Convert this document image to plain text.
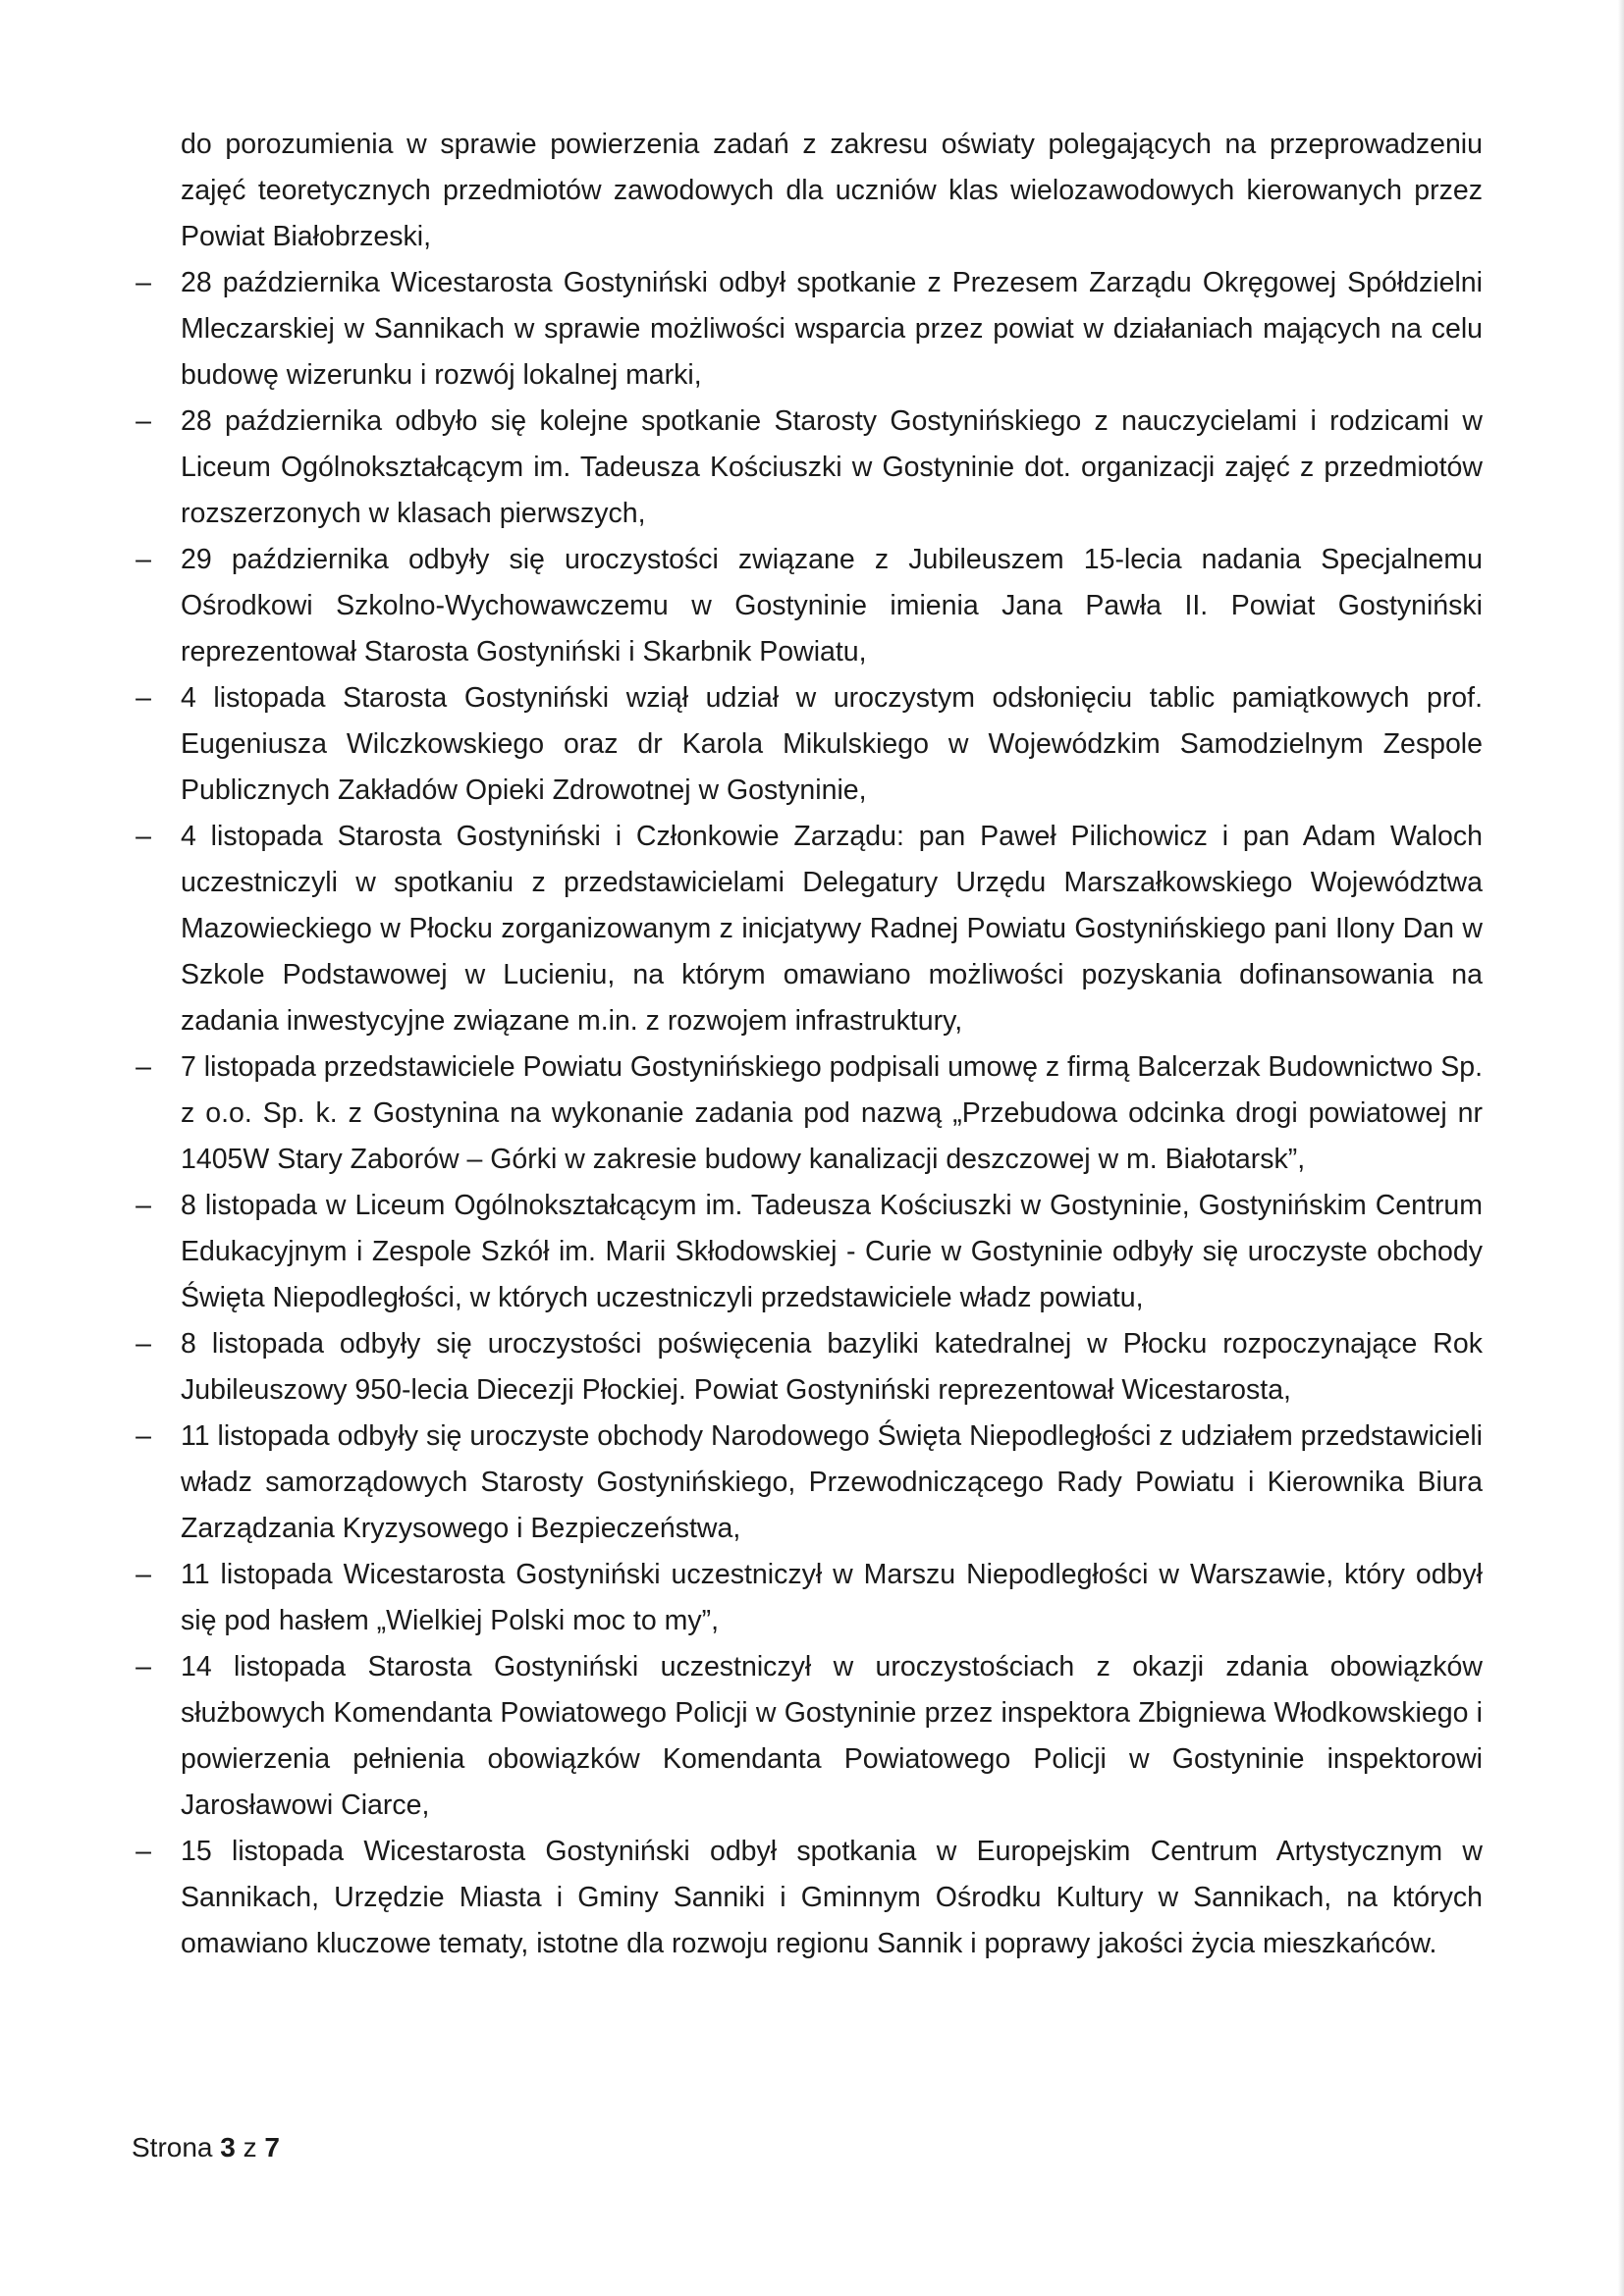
do porozumienia w sprawie powierzenia zadań z zakresu oświaty polegających na przeprowadzeniu zajęć teoretycznych przedmiotów zawodowych dla uczniów klas wielozawodowych kierowanych przez Powiat Białobrzeski,

– 28 października Wicestarosta Gostyniński odbył spotkanie z Prezesem Zarządu Okręgowej Spółdzielni Mleczarskiej w Sannikach w sprawie możliwości wsparcia przez powiat w działaniach mających na celu budowę wizerunku i rozwój lokalnej marki,
– 28 października odbyło się kolejne spotkanie Starosty Gostynińskiego z nauczycielami i rodzicami w Liceum Ogólnokształcącym im. Tadeusza Kościuszki w Gostyninie dot. organizacji zajęć z przedmiotów rozszerzonych w klasach pierwszych,
– 29 października odbyły się uroczystości związane z Jubileuszem 15-lecia nadania Specjalnemu Ośrodkowi Szkolno-Wychowawczemu w Gostyninie imienia Jana Pawła II. Powiat Gostyniński reprezentował Starosta Gostyniński i Skarbnik Powiatu,
– 4 listopada Starosta Gostyniński wziął udział w uroczystym odsłonięciu tablic pamiątkowych prof. Eugeniusza Wilczkowskiego oraz dr Karola Mikulskiego w Wojewódzkim Samodzielnym Zespole Publicznych Zakładów Opieki Zdrowotnej w Gostyninie,
– 4 listopada Starosta Gostyniński i Członkowie Zarządu: pan Paweł Pilichowicz i pan Adam Waloch uczestniczyli w spotkaniu z przedstawicielami Delegatury Urzędu Marszałkowskiego Województwa Mazowieckiego w Płocku zorganizowanym z inicjatywy Radnej Powiatu Gostynińskiego pani Ilony Dan w Szkole Podstawowej w Lucieniu, na którym omawiano możliwości pozyskania dofinansowania na zadania inwestycyjne związane m.in. z rozwojem infrastruktury,
– 7 listopada przedstawiciele Powiatu Gostynińskiego podpisali umowę z firmą Balcerzak Budownictwo Sp. z o.o. Sp. k. z Gostynina na wykonanie zadania pod nazwą „Przebudowa odcinka drogi powiatowej nr 1405W Stary Zaborów – Górki w zakresie budowy kanalizacji deszczowej w m. Białotarsk”,
– 8 listopada w Liceum Ogólnokształcącym im. Tadeusza Kościuszki w Gostyninie, Gostynińskim Centrum Edukacyjnym i Zespole Szkół im. Marii Skłodowskiej - Curie w Gostyninie odbyły się uroczyste obchody Święta Niepodległości, w których uczestniczyli przedstawiciele władz powiatu,
– 8 listopada odbyły się uroczystości poświęcenia bazyliki katedralnej w Płocku rozpoczynające Rok Jubileuszowy 950-lecia Diecezji Płockiej. Powiat Gostyniński reprezentował Wicestarosta,
– 11 listopada odbyły się uroczyste obchody Narodowego Święta Niepodległości z udziałem przedstawicieli władz samorządowych Starosty Gostynińskiego, Przewodniczącego Rady Powiatu i Kierownika Biura Zarządzania Kryzysowego i Bezpieczeństwa,
– 11 listopada Wicestarosta Gostyniński uczestniczył w Marszu Niepodległości w Warszawie, który odbył się pod hasłem „Wielkiej Polski moc to my”,
– 14 listopada Starosta Gostyniński uczestniczył w uroczystościach z okazji zdania obowiązków służbowych Komendanta Powiatowego Policji w Gostyninie przez inspektora Zbigniewa Włodkowskiego i powierzenia pełnienia obowiązków Komendanta Powiatowego Policji w Gostyninie inspektorowi Jarosławowi Ciarce,
– 15 listopada Wicestarosta Gostyniński odbył spotkania w Europejskim Centrum Artystycznym w Sannikach, Urzędzie Miasta i Gminy Sanniki i Gminnym Ośrodku Kultury w Sannikach, na których omawiano kluczowe tematy, istotne dla rozwoju regionu Sannik i poprawy jakości życia mieszkańców.
Strona 3 z 7
